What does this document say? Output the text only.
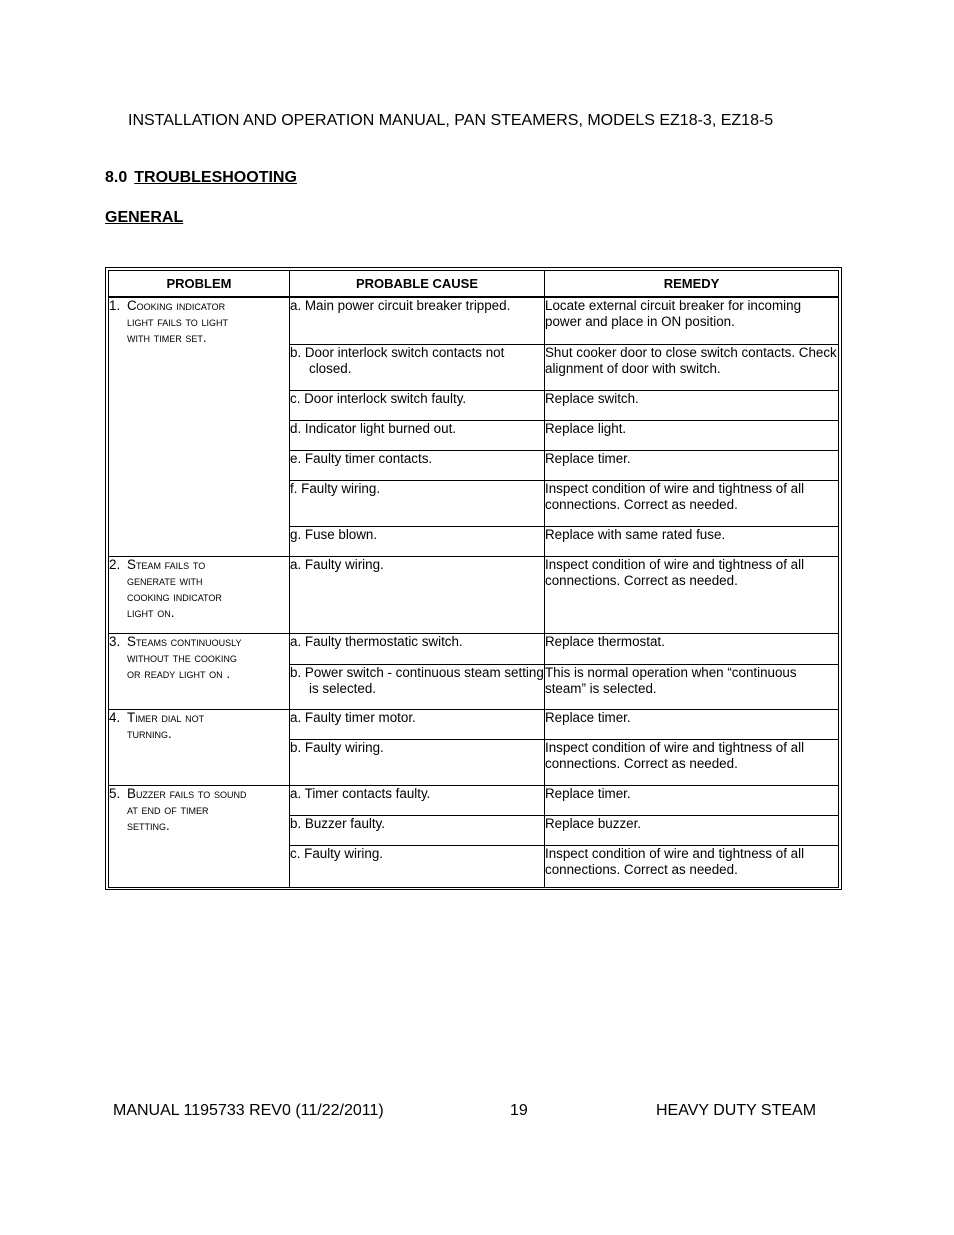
INSTALLATION AND OPERATION MANUAL, PAN STEAMERS, MODELS EZ18-3, EZ18-5
8.0 TROUBLESHOOTING
GENERAL
PROBLEM	PROBABLE CAUSE	REMEDY

1. Cooking indicator
light fails to light
with timer set.	a. Main power circuit breaker tripped.	Locate external circuit breaker for incoming power and place in ON position.

	b. Door interlock switch contacts not closed.	Shut cooker door to close switch contacts. Check alignment of door with switch.

	c. Door interlock switch faulty.	Replace switch.

	d. Indicator light burned out.	Replace light.

	e. Faulty timer contacts.	Replace timer.

	f. Faulty wiring.	Inspect condition of wire and tightness of all connections. Correct as needed.

	g. Fuse blown.	Replace with same rated fuse.

2. Steam fails to
generate with
cooking indicator
light on.	a. Faulty wiring.	Inspect condition of wire and tightness of all connections. Correct as needed.

3. Steams continuously
without the cooking
or ready light on .	a. Faulty thermostatic switch.	Replace thermostat.

	b. Power switch - continuous steam setting is selected.	This is normal operation when “continuous steam” is selected.

4. Timer dial not
turning.	a. Faulty timer motor.	Replace timer.

	b. Faulty wiring.	Inspect condition of wire and tightness of all connections. Correct as needed.

5. Buzzer fails to sound
at end of timer
setting.	a. Timer contacts faulty.	Replace timer.

	b. Buzzer faulty.	Replace buzzer.

	c. Faulty wiring.	Inspect condition of wire and tightness of all connections. Correct as needed.
MANUAL 1195733 REV0 (11/22/2011)	19	HEAVY DUTY STEAM
